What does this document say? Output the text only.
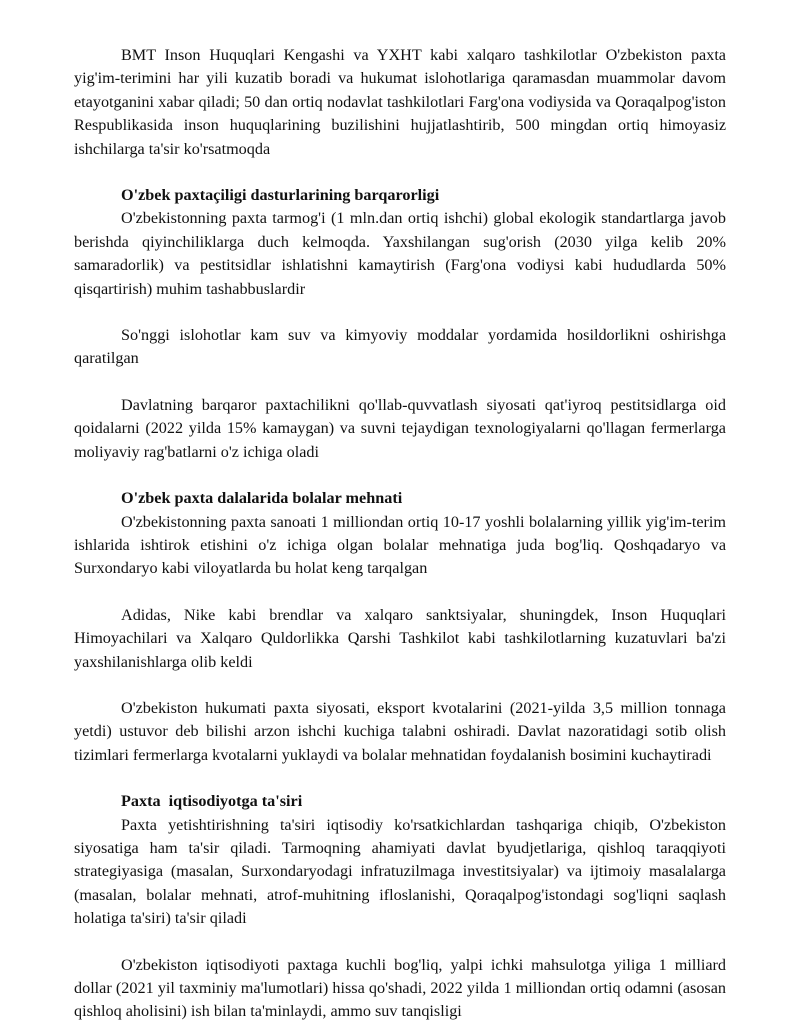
BMT Inson Huquqlari Kengashi va YXHT kabi xalqaro tashkilotlar O'zbekiston paxta yig'im-terimini har yili kuzatib boradi va hukumat islohotlariga qaramasdan muammolar davom etayotganini xabar qiladi; 50 dan ortiq nodavlat tashkilotlari Farg'ona vodiysida va Qoraqalpog'iston Respublikasida inson huquqlarining buzilishini hujjatlashtirib, 500 mingdan ortiq himoyasiz ishchilarga ta'sir ko'rsatmoqda

O'zbek paxtaçiligi dasturlarining barqarorligi

O'zbekistonning paxta tarmog'i (1 mln.dan ortiq ishchi) global ekologik standartlarga javob berishda qiyinchiliklarga duch kelmoqda. Yaxshilangan sug'orish (2030 yilga kelib 20% samaradorlik) va pestitsidlar ishlatishni kamaytirish (Farg'ona vodiysi kabi hududlarda 50% qisqartirish) muhim tashabbuslardir

So'nggi islohotlar kam suv va kimyoviy moddalar yordamida hosildorlikni oshirishga qaratilgan

Davlatning barqaror paxtachilikni qo'llab-quvvatlash siyosati qat'iyroq pestitsidlarga oid qoidalarni (2022 yilda 15% kamaygan) va suvni tejaydigan texnologiyalarni qo'llagan fermerlarga moliyaviy rag'batlarni o'z ichiga oladi

O'zbek paxta dalalarida bolalar mehnati

O'zbekistonning paxta sanoati 1 milliondan ortiq 10-17 yoshli bolalarning yillik yig'im-terim ishlarida ishtirok etishini o'z ichiga olgan bolalar mehnatiga juda bog'liq. Qoshqadaryo va Surxondaryo kabi viloyatlarda bu holat keng tarqalgan

Adidas, Nike kabi brendlar va xalqaro sanktsiyalar, shuningdek, Inson Huquqlari Himoyachilari va Xalqaro Quldorlikka Qarshi Tashkilot kabi tashkilotlarning kuzatuvlari ba'zi yaxshilanishlarga olib keldi

O'zbekiston hukumati paxta siyosati, eksport kvotalarini (2021-yilda 3,5 million tonnaga yetdi) ustuvor deb bilishi arzon ishchi kuchiga talabni oshiradi. Davlat nazoratidagi sotib olish tizimlari fermerlarga kvotalarni yuklaydi va bolalar mehnatidan foydalanish bosimini kuchaytiradi

Paxta  iqtisodiyotga ta'siri

Paxta yetishtirishning ta'siri iqtisodiy ko'rsatkichlardan tashqariga chiqib, O'zbekiston siyosatiga ham ta'sir qiladi. Tarmoqning ahamiyati davlat byudjetlariga, qishloq taraqqiyoti strategiyasiga (masalan, Surxondaryodagi infratuzilmaga investitsiyalar) va ijtimoiy masalalarga (masalan, bolalar mehnati, atrof-muhitning ifloslanishi, Qoraqalpog'istondagi sog'liqni saqlash holatiga ta'siri) ta'sir qiladi

O'zbekiston iqtisodiyoti paxtaga kuchli bog'liq, yalpi ichki mahsulotga yiliga 1 milliard dollar (2021 yil taxminiy ma'lumotlari) hissa qo'shadi, 2022 yilda 1 milliondan ortiq odamni (asosan qishloq aholisini) ish bilan ta'minlaydi, ammo suv tanqisligi
